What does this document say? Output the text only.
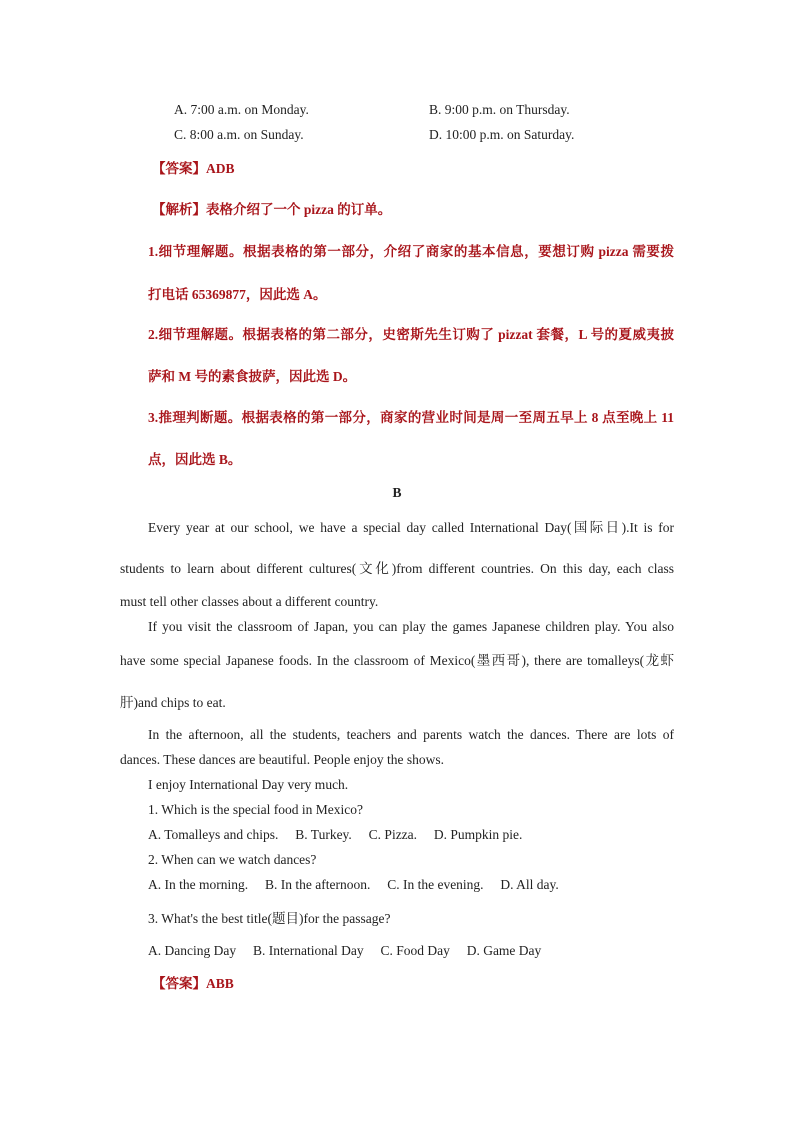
A. 7:00 a.m. on Monday.	B. 9:00 p.m. on Thursday.
C. 8:00 a.m. on Sunday.	D. 10:00 p.m. on Saturday.
【答案】ADB
【解析】表格介绍了一个 pizza 的订单。
1.细节理解题。根据表格的第一部分，介绍了商家的基本信息，要想订购 pizza 需要拨
打电话 65369877，因此选 A。
2.细节理解题。根据表格的第二部分，史密斯先生订购了 pizzat 套餐，L 号的夏威夷披
萨和 M 号的素食披萨，因此选 D。
3.推理判断题。根据表格的第一部分，商家的营业时间是周一至周五早上 8 点至晚上 11
点，因此选 B。
B
Every year at our school, we have a special day called International Day(国际日).It is for
students to learn about different cultures(文化)from different countries. On this day, each class
must tell other classes about a different country.
If you visit the classroom of Japan, you can play the games Japanese children play. You also
have some special Japanese foods. In the classroom of Mexico(墨西哥), there are tomalleys(龙虾
肝)and chips to eat.
In the afternoon, all the students, teachers and parents watch the dances. There are lots of
dances. These dances are beautiful. People enjoy the shows.
I enjoy International Day very much.
1. Which is the special food in Mexico?
A. Tomalleys and chips.     B. Turkey.     C. Pizza.     D. Pumpkin pie.
2. When can we watch dances?
A. In the morning.     B. In the afternoon.     C. In the evening.     D. All day.
3. What's the best title(题目)for the passage?
A. Dancing Day     B. International Day     C. Food Day     D. Game Day
【答案】ABB
